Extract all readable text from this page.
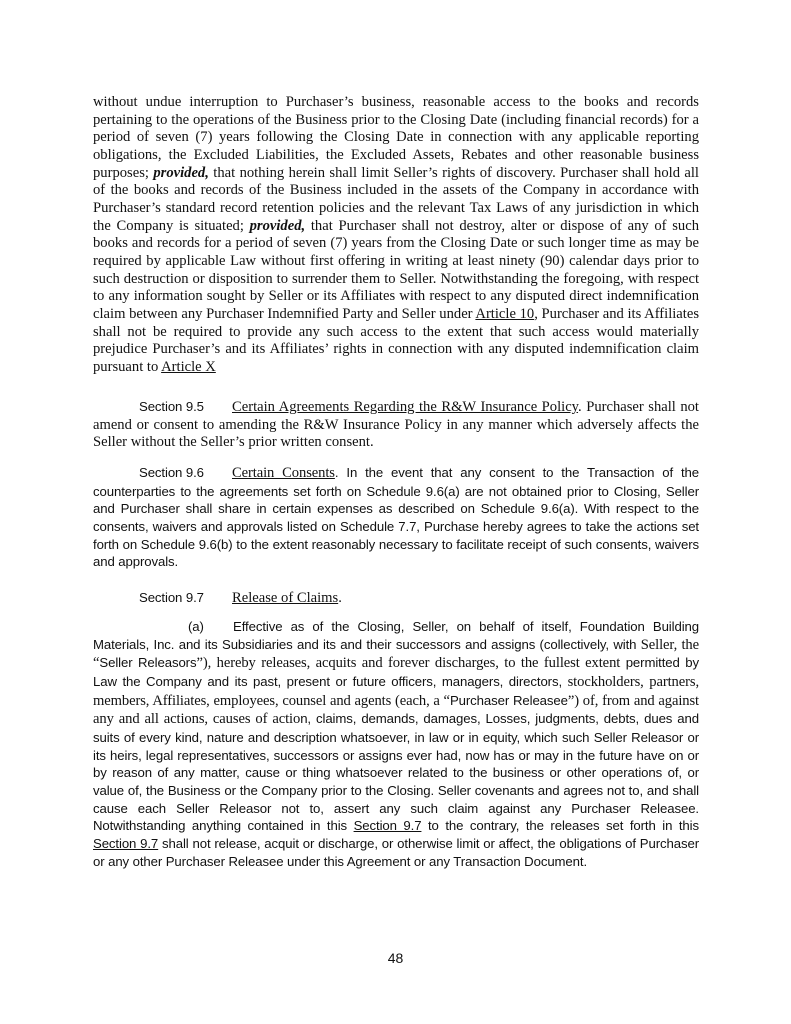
without undue interruption to Purchaser’s business, reasonable access to the books and records pertaining to the operations of the Business prior to the Closing Date (including financial records) for a period of seven (7) years following the Closing Date in connection with any applicable reporting obligations, the Excluded Liabilities, the Excluded Assets, Rebates and other reasonable business purposes; provided, that nothing herein shall limit Seller’s rights of discovery. Purchaser shall hold all of the books and records of the Business included in the assets of the Company in accordance with Purchaser’s standard record retention policies and the relevant Tax Laws of any jurisdiction in which the Company is situated; provided, that Purchaser shall not destroy, alter or dispose of any of such books and records for a period of seven (7) years from the Closing Date or such longer time as may be required by applicable Law without first offering in writing at least ninety (90) calendar days prior to such destruction or disposition to surrender them to Seller. Notwithstanding the foregoing, with respect to any information sought by Seller or its Affiliates with respect to any disputed direct indemnification claim between any Purchaser Indemnified Party and Seller under Article 10, Purchaser and its Affiliates shall not be required to provide any such access to the extent that such access would materially prejudice Purchaser’s and its Affiliates’ rights in connection with any disputed indemnification claim pursuant to Article X

Section 9.5 Certain Agreements Regarding the R&W Insurance Policy. Purchaser shall not amend or consent to amending the R&W Insurance Policy in any manner which adversely affects the Seller without the Seller’s prior written consent.

Section 9.6 Certain Consents. In the event that any consent to the Transaction of the counterparties to the agreements set forth on Schedule 9.6(a) are not obtained prior to Closing, Seller and Purchaser shall share in certain expenses as described on Schedule 9.6(a). With respect to the consents, waivers and approvals listed on Schedule 7.7, Purchase hereby agrees to take the actions set forth on Schedule 9.6(b) to the extent reasonably necessary to facilitate receipt of such consents, waivers and approvals.

Section 9.7 Release of Claims.

(a) Effective as of the Closing, Seller, on behalf of itself, Foundation Building Materials, Inc. and its Subsidiaries and its and their successors and assigns (collectively, with Seller, the “Seller Releasors”), hereby releases, acquits and forever discharges, to the fullest extent permitted by Law the Company and its past, present or future officers, managers, directors, stockholders, partners, members, Affiliates, employees, counsel and agents (each, a “Purchaser Releasee”) of, from and against any and all actions, causes of action, claims, demands, damages, Losses, judgments, debts, dues and suits of every kind, nature and description whatsoever, in law or in equity, which such Seller Releasor or its heirs, legal representatives, successors or assigns ever had, now has or may in the future have on or by reason of any matter, cause or thing whatsoever related to the business or other operations of, or value of, the Business or the Company prior to the Closing. Seller covenants and agrees not to, and shall cause each Seller Releasor not to, assert any such claim against any Purchaser Releasee. Notwithstanding anything contained in this Section 9.7 to the contrary, the releases set forth in this Section 9.7 shall not release, acquit or discharge, or otherwise limit or affect, the obligations of Purchaser or any other Purchaser Releasee under this Agreement or any Transaction Document.

48
